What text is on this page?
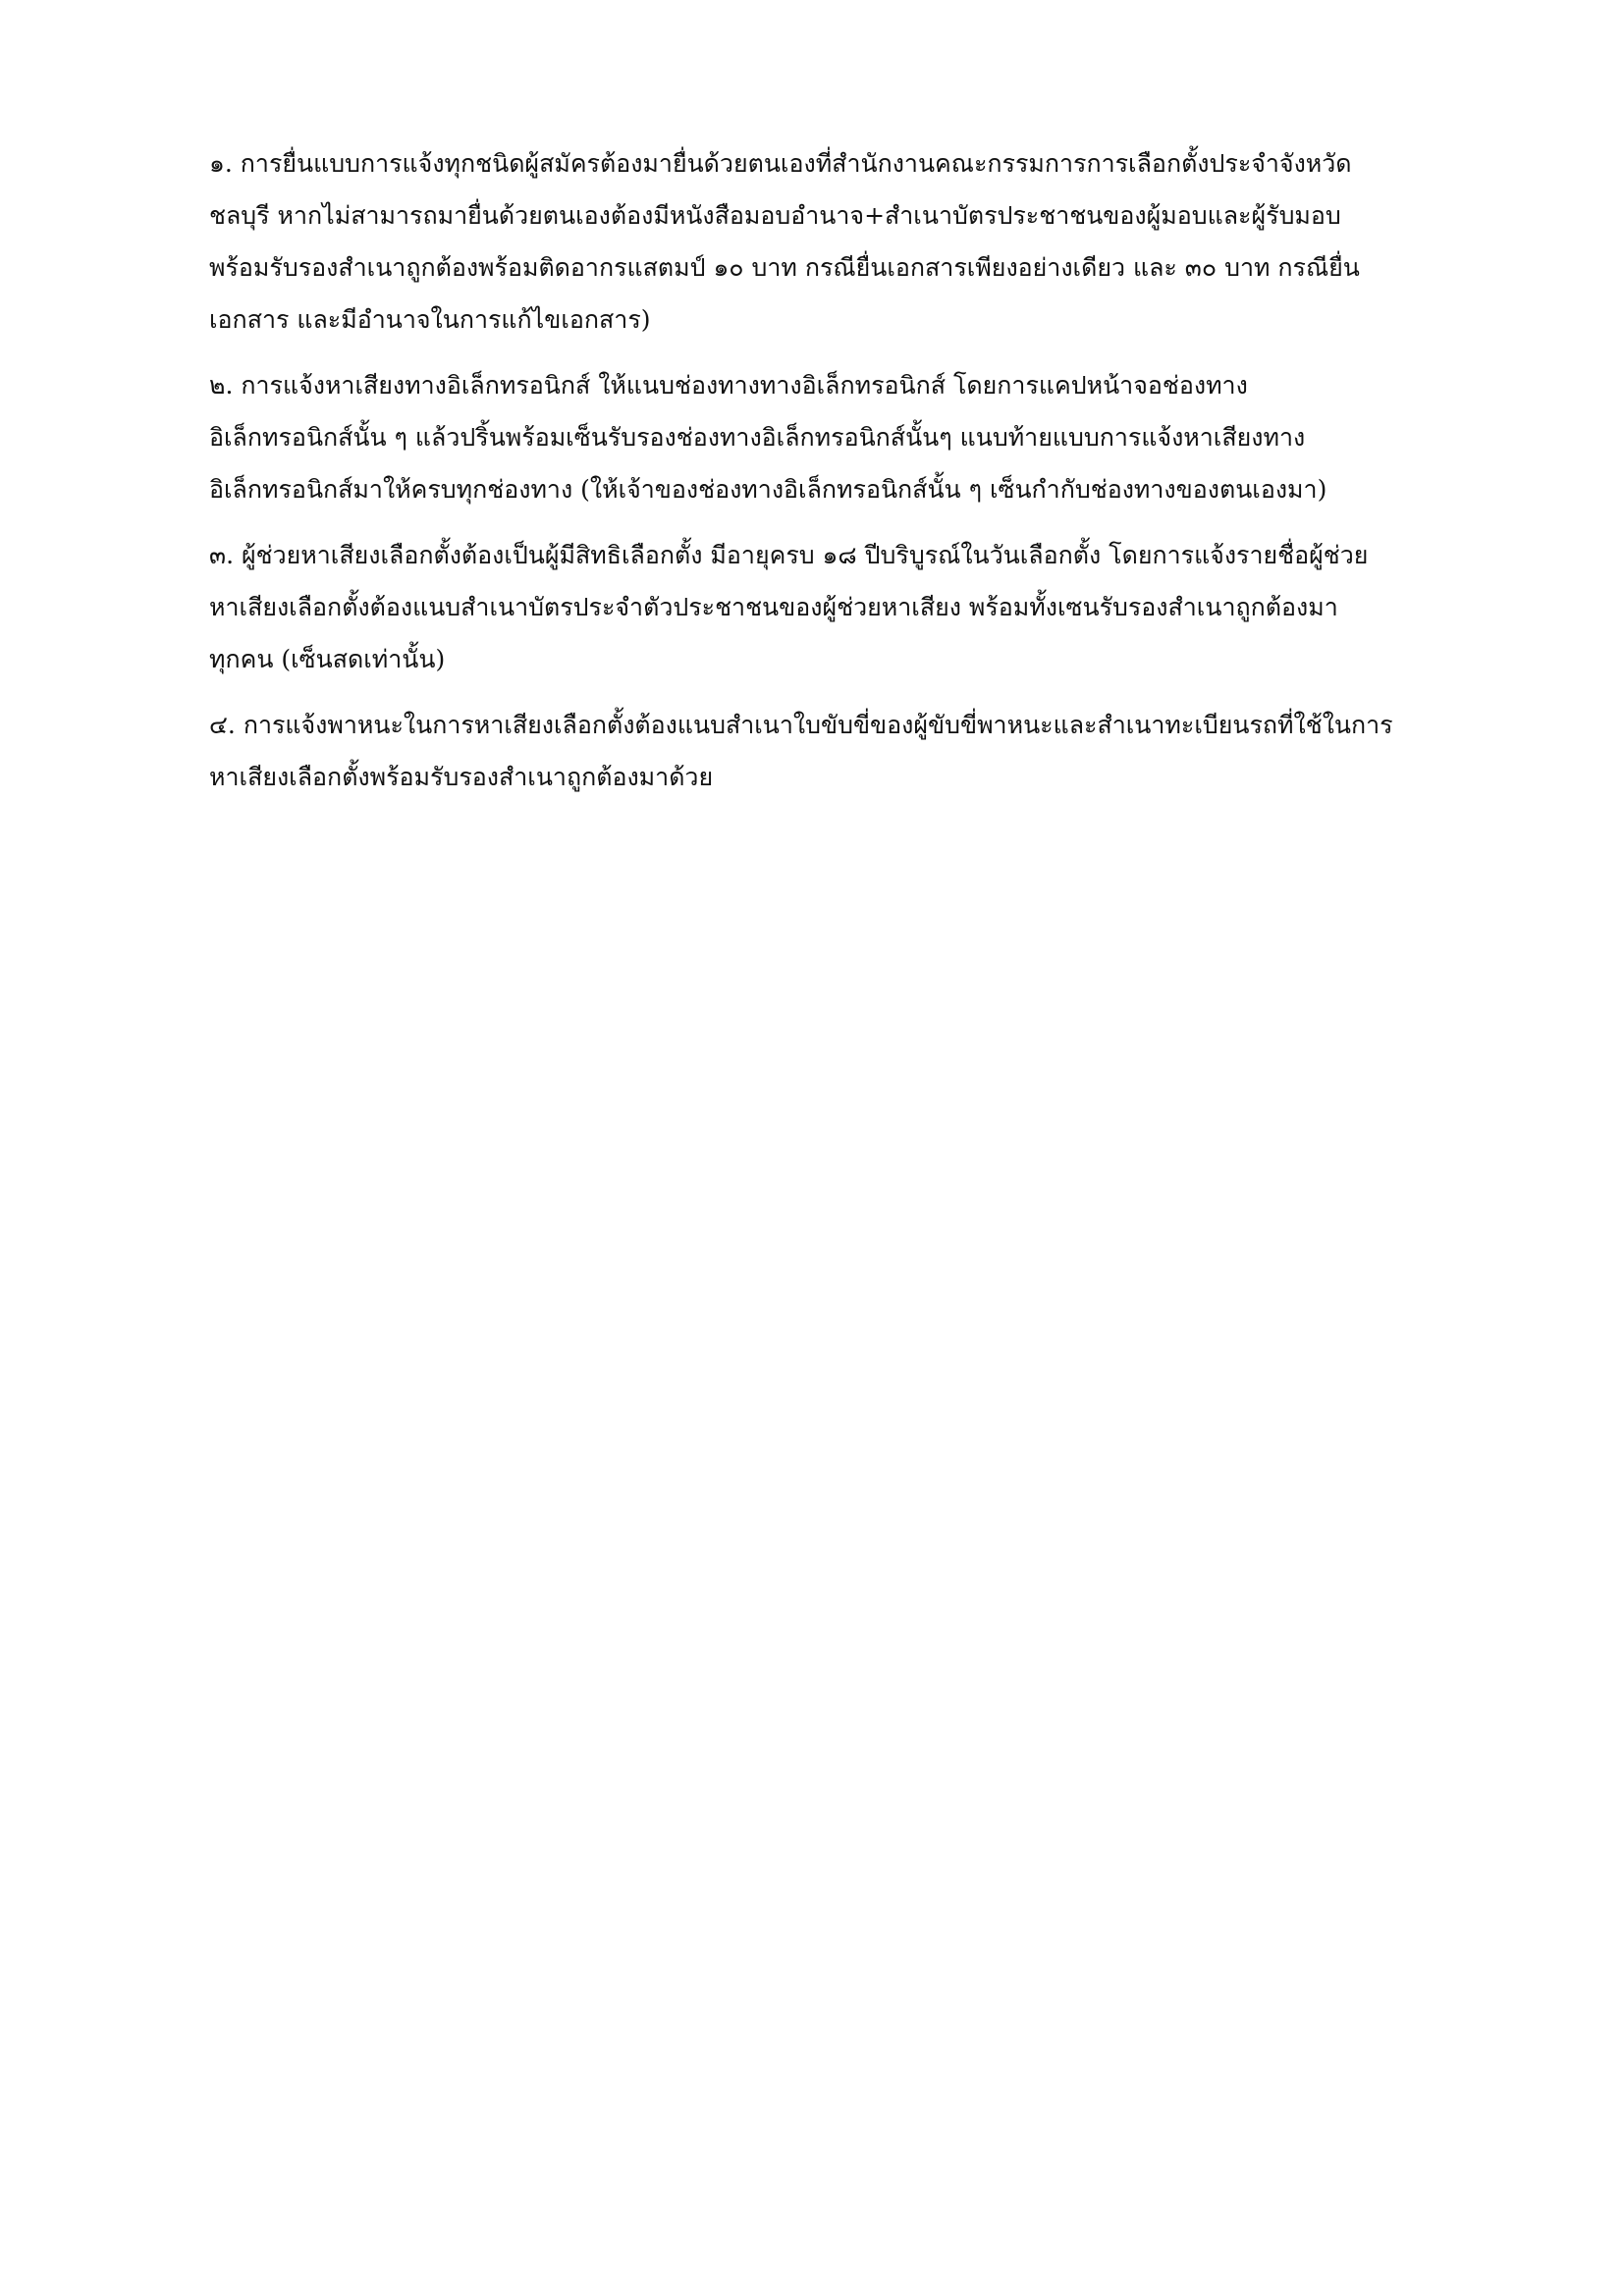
๑. การยื่นแบบการแจ้งทุกชนิดผู้สมัครต้องมายื่นด้วยตนเองที่สำนักงานคณะกรรมการการเลือกตั้งประจำจังหวัด
ชลบุรี หากไม่สามารถมายื่นด้วยตนเองต้องมีหนังสือมอบอำนาจ+สำเนาบัตรประชาชนของผู้มอบและผู้รับมอบ
พร้อมรับรองสำเนาถูกต้องพร้อมติดอากรแสตมป์ ๑๐ บาท กรณียื่นเอกสารเพียงอย่างเดียว และ ๓๐ บาท กรณียื่น
เอกสาร และมีอำนาจในการแก้ไขเอกสาร)
๒. การแจ้งหาเสียงทางอิเล็กทรอนิกส์ ให้แนบช่องทางทางอิเล็กทรอนิกส์ โดยการแคปหน้าจอช่องทาง
อิเล็กทรอนิกส์นั้น ๆ แล้วปริ้นพร้อมเซ็นรับรองช่องทางอิเล็กทรอนิกส์นั้นๆ แนบท้ายแบบการแจ้งหาเสียงทาง
อิเล็กทรอนิกส์มาให้ครบทุกช่องทาง (ให้เจ้าของช่องทางอิเล็กทรอนิกส์นั้น ๆ เซ็นกำกับช่องทางของตนเองมา)
๓. ผู้ช่วยหาเสียงเลือกตั้งต้องเป็นผู้มีสิทธิเลือกตั้ง มีอายุครบ ๑๘ ปีบริบูรณ์ในวันเลือกตั้ง โดยการแจ้งรายชื่อผู้ช่วย
หาเสียงเลือกตั้งต้องแนบสำเนาบัตรประจำตัวประชาชนของผู้ช่วยหาเสียง พร้อมทั้งเซนรับรองสำเนาถูกต้องมา
ทุกคน (เซ็นสดเท่านั้น)
๔. การแจ้งพาหนะในการหาเสียงเลือกตั้งต้องแนบสำเนาใบขับขี่ของผู้ขับขี่พาหนะและสำเนาทะเบียนรถที่ใช้ในการ
หาเสียงเลือกตั้งพร้อมรับรองสำเนาถูกต้องมาด้วย
